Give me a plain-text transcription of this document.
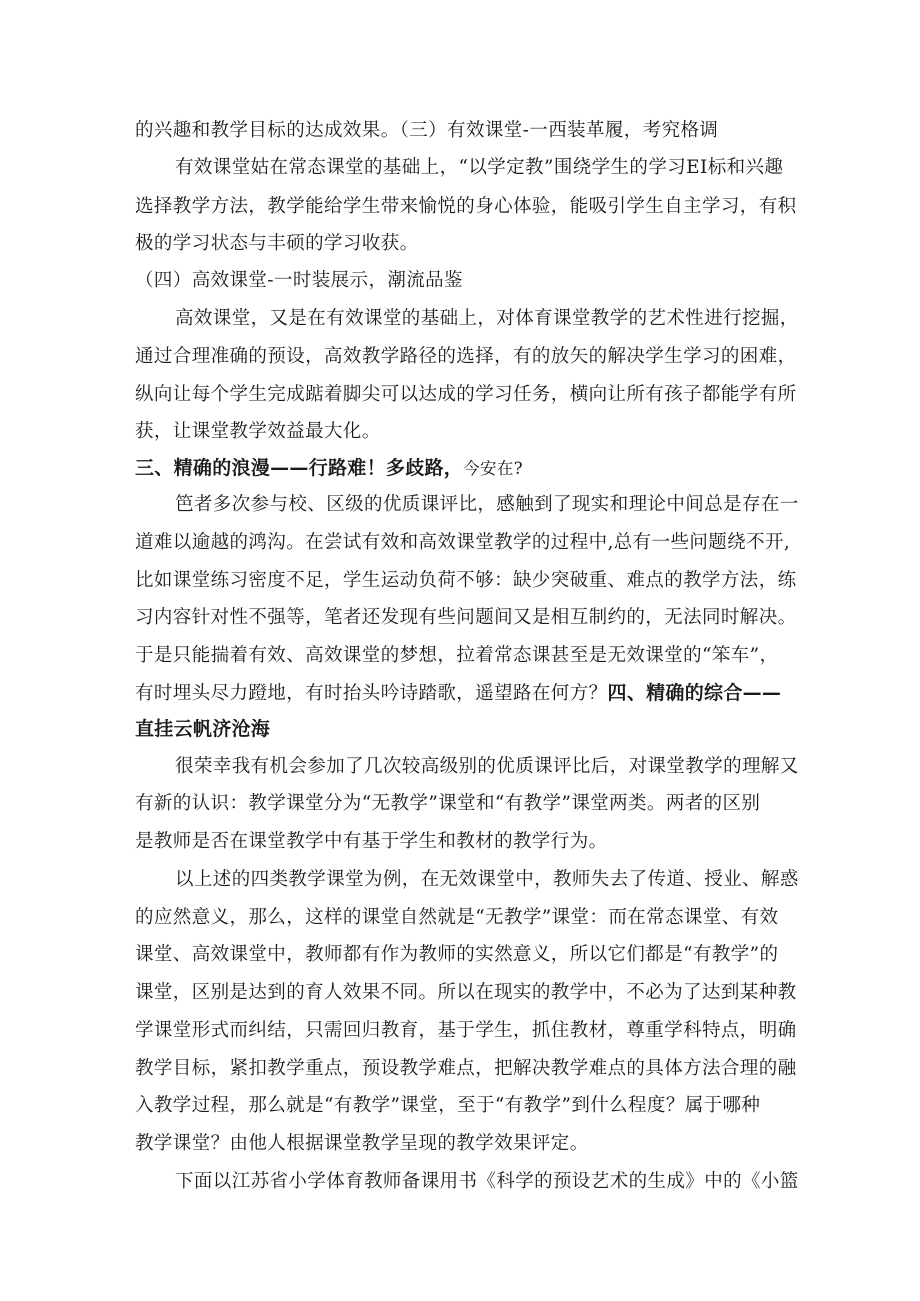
的兴趣和教学目标的达成效果。（三）有效课堂-一西装革履，考究格调
有效课堂姑在常态课堂的基础上，“以学定教”围绕学生的学习EI标和兴趣
选择教学方法，教学能给学生带来愉悦的身心体验，能吸引学生自主学习，有积
极的学习状态与丰硕的学习收获。
（四）高效课堂-一时装展示，潮流品鉴
高效课堂，又是在有效课堂的基础上，对体育课堂教学的艺术性进行挖掘，
通过合理准确的预设，高效教学路径的选择，有的放矢的解决学生学习的困难，
纵向让每个学生完成踮着脚尖可以达成的学习任务，横向让所有孩子都能学有所
获，让课堂教学效益最大化。
三、精确的浪漫——行路难！多歧路，今安在?
笆者多次参与校、区级的优质课评比，感触到了现实和理论中间总是存在一
道难以逾越的鸿沟。在尝试有效和高效课堂教学的过程中,总有一些问题绕不开,
比如课堂练习密度不足，学生运动负荷不够：缺少突破重、难点的教学方法，练
习内容针对性不强等，笔者还发现有些问题间又是相互制约的，无法同时解决。
于是只能揣着有效、高效课堂的梦想，拉着常态课甚至是无效课堂的“笨车”，
有时埋头尽力蹬地，有时抬头吟诗踏歌，遥望路在何方？四、精确的综合——
直挂云帆济沧海
很荣幸我有机会参加了几次较高级别的优质课评比后，对课堂教学的理解又
有新的认识：教学课堂分为“无教学”课堂和“有教学”课堂两类。两者的区别
是教师是否在课堂教学中有基于学生和教材的教学行为。
以上述的四类教学课堂为例，在无效课堂中，教师失去了传道、授业、解惑
的应然意义，那么，这样的课堂自然就是“无教学”课堂：而在常态课堂、有效
课堂、高效课堂中，教师都有作为教师的实然意义，所以它们都是“有教学”的
课堂，区别是达到的育人效果不同。所以在现实的教学中，不必为了达到某种教
学课堂形式而纠结，只需回归教育，基于学生，抓住教材，尊重学科特点，明确
教学目标，紧扣教学重点，预设教学难点，把解决教学难点的具体方法合理的融
入教学过程，那么就是“有教学”课堂，至于“有教学”到什么程度？属于哪种
教学课堂？由他人根据课堂教学呈现的教学效果评定。
下面以江苏省小学体育教师备课用书《科学的预设艺术的生成》中的《小篮
